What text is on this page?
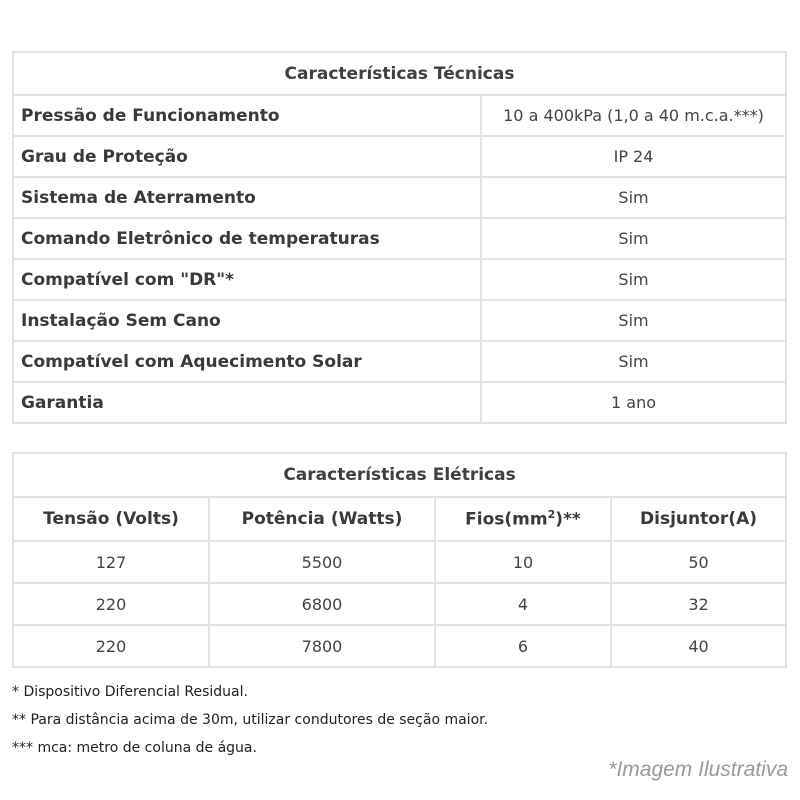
Características Técnicas	
Pressão de Funcionamento	10 a 400kPa (1,0 a 40 m.c.a.***)
Grau de Proteção	IP 24
Sistema de Aterramento	Sim
Comando Eletrônico de temperaturas	Sim
Compatível com "DR"*	Sim
Instalação Sem Cano	Sim
Compatível com Aquecimento Solar	Sim
Garantia	1 ano
Características Elétricas			
Tensão (Volts)	Potência (Watts)	$Fios(mm^2)**$	Disjuntor(A)
127	5500	10	50
220	6800	4	32
220	7800	6	40
* Dispositivo Diferencial Residual.
** Para distância acima de 30m, utilizar condutores de seção maior.
*** mca: metro de coluna de água.
*Imagem Ilustrativa
